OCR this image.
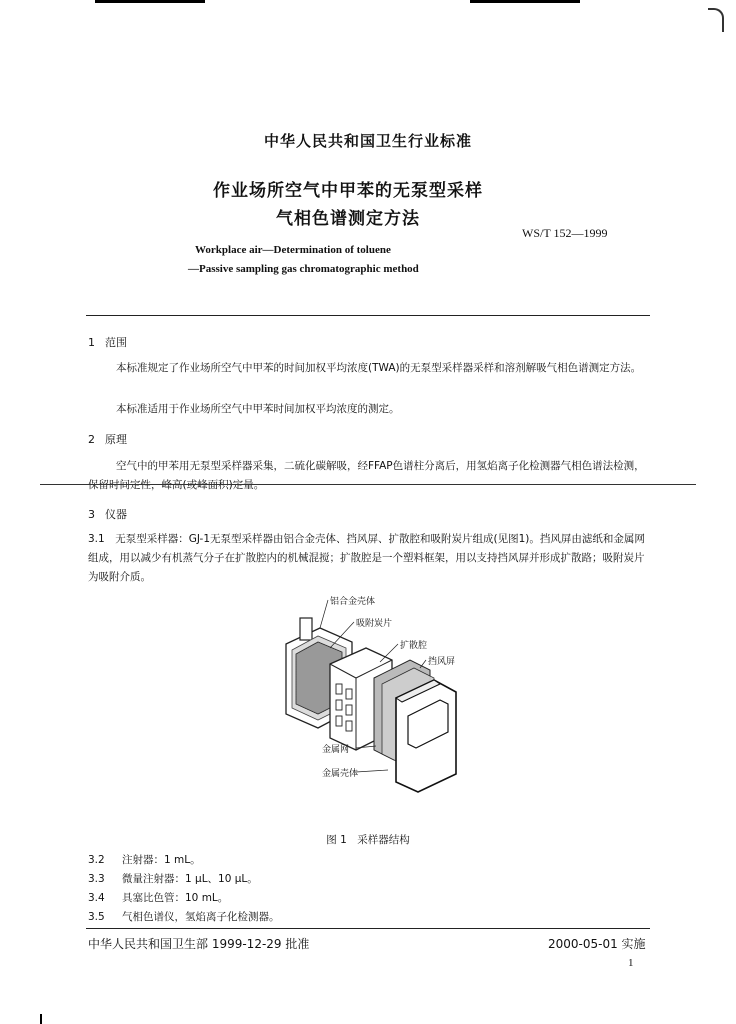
中华人民共和国卫生行业标准
作业场所空气中甲苯的无泵型采样
气相色谱测定方法
WS/T 152—1999
Workplace air—Determination of toluene
—Passive sampling gas chromatographic method
1 范围
本标准规定了作业场所空气中甲苯的时间加权平均浓度(TWA)的无泵型采样器采样和溶剂解吸气相色谱测定方法。
本标准适用于作业场所空气中甲苯时间加权平均浓度的测定。
2 原理
空气中的甲苯用无泵型采样器采集，二硫化碳解吸，经FFAP色谱柱分离后，用氢焰离子化检测器气相色谱法检测，保留时间定性，峰高(或峰面积)定量。
3 仪器
3.1　无泵型采样器：GJ-1无泵型采样器由铝合金壳体、挡风屏、扩散腔和吸附炭片组成(见图1)。挡风屏由滤纸和金属网组成，用以减少有机蒸气分子在扩散腔内的机械混搅；扩散腔是一个塑料框架，用以支持挡风屏并形成扩散路；吸附炭片为吸附介质。
铝合金壳体
吸附炭片
扩散腔
挡风屏
金属网
金属壳体
图 1　采样器结构
3.2 注射器：1 mL。
3.3 微量注射器：1 μL、10 μL。
3.4 具塞比色管：10 mL。
3.5 气相色谱仪，氢焰离子化检测器。
中华人民共和国卫生部 1999-12-29 批准	2000-05-01 实施
1
